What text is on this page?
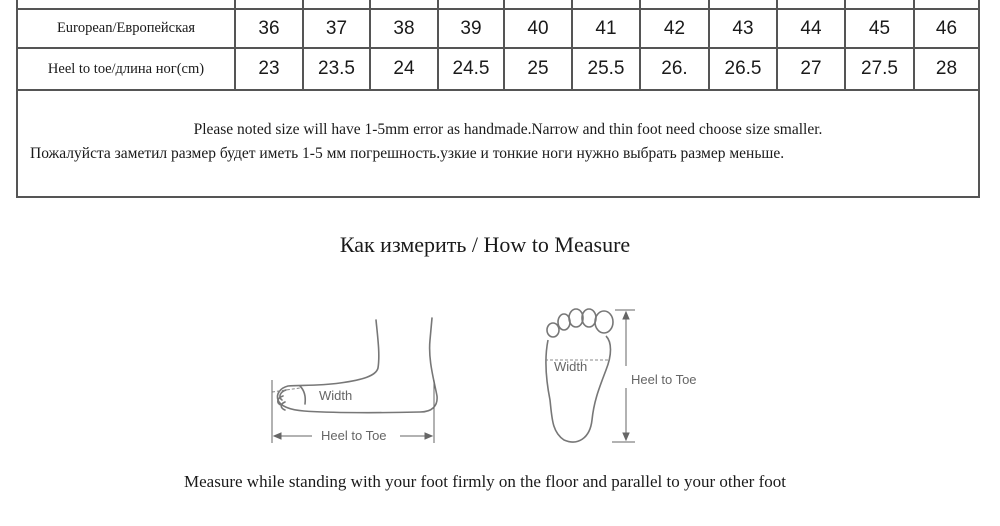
European/Европейская	36	37	38	39	40	41	42	43	44	45	46
Heel to toe/длина ног(cm)	23	23.5	24	24.5	25	25.5	26.	26.5	27	27.5	28
Please noted size will have 1-5mm error as handmade.Narrow and thin foot need choose size smaller.
Пожалуйста заметил размер будет иметь 1-5 мм погрешность.узкие и тонкие ноги нужно выбрать размер меньше.
Как измерить / How to Measure
Width
Heel to Toe
Width
Heel to Toe
Measure while standing with your foot firmly on the floor and parallel to your other foot
